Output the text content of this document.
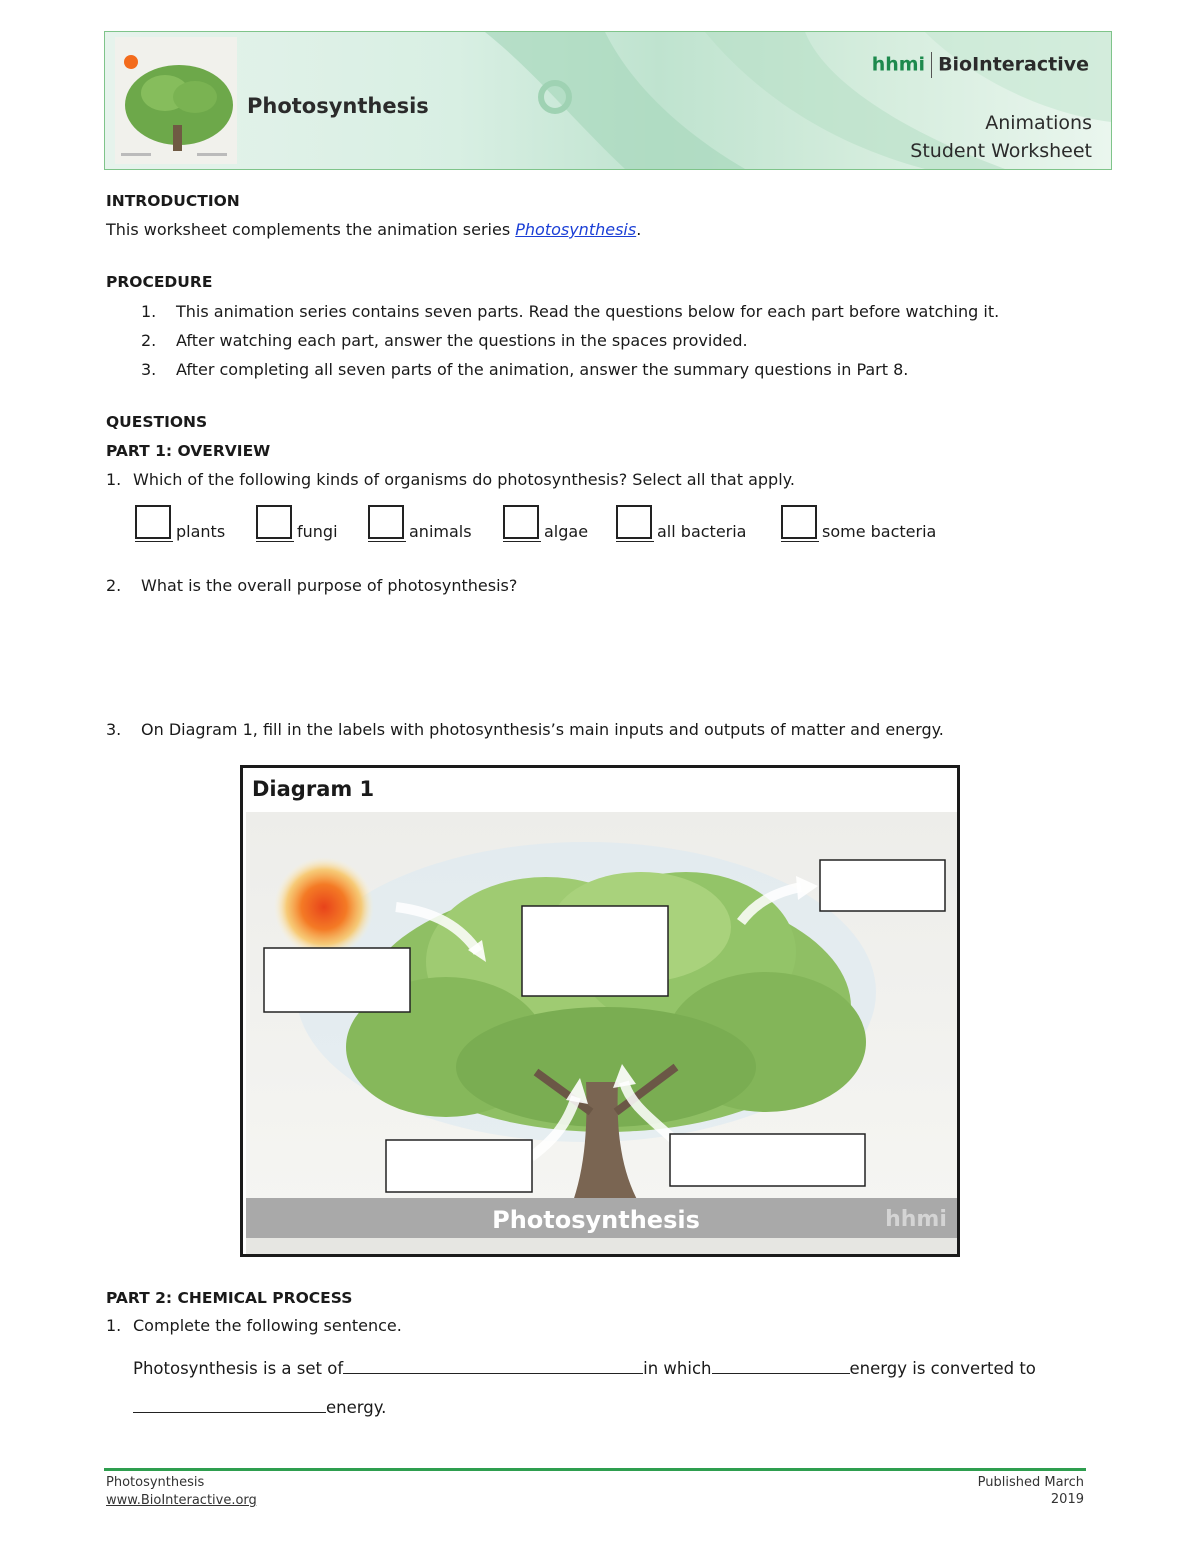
Photosynthesis
hhmi BioInteractive
Animations
Student Worksheet
INTRODUCTION
This worksheet complements the animation series Photosynthesis.
PROCEDURE
1. This animation series contains seven parts. Read the questions below for each part before watching it.
2. After watching each part, answer the questions in the spaces provided.
3. After completing all seven parts of the animation, answer the summary questions in Part 8.
QUESTIONS
PART 1: OVERVIEW
1. Which of the following kinds of organisms do photosynthesis? Select all that apply.
plants	fungi	animals	algae	all bacteria	some bacteria
2. What is the overall purpose of photosynthesis?
3. On Diagram 1, fill in the labels with photosynthesis’s main inputs and outputs of matter and energy.
Diagram 1
Photosynthesis	hhmi
PART 2: CHEMICAL PROCESS
1. Complete the following sentence.
Photosynthesis is a set of	in which	energy is converted to
energy.
Photosynthesis
www.BioInteractive.org
Published March
2019
